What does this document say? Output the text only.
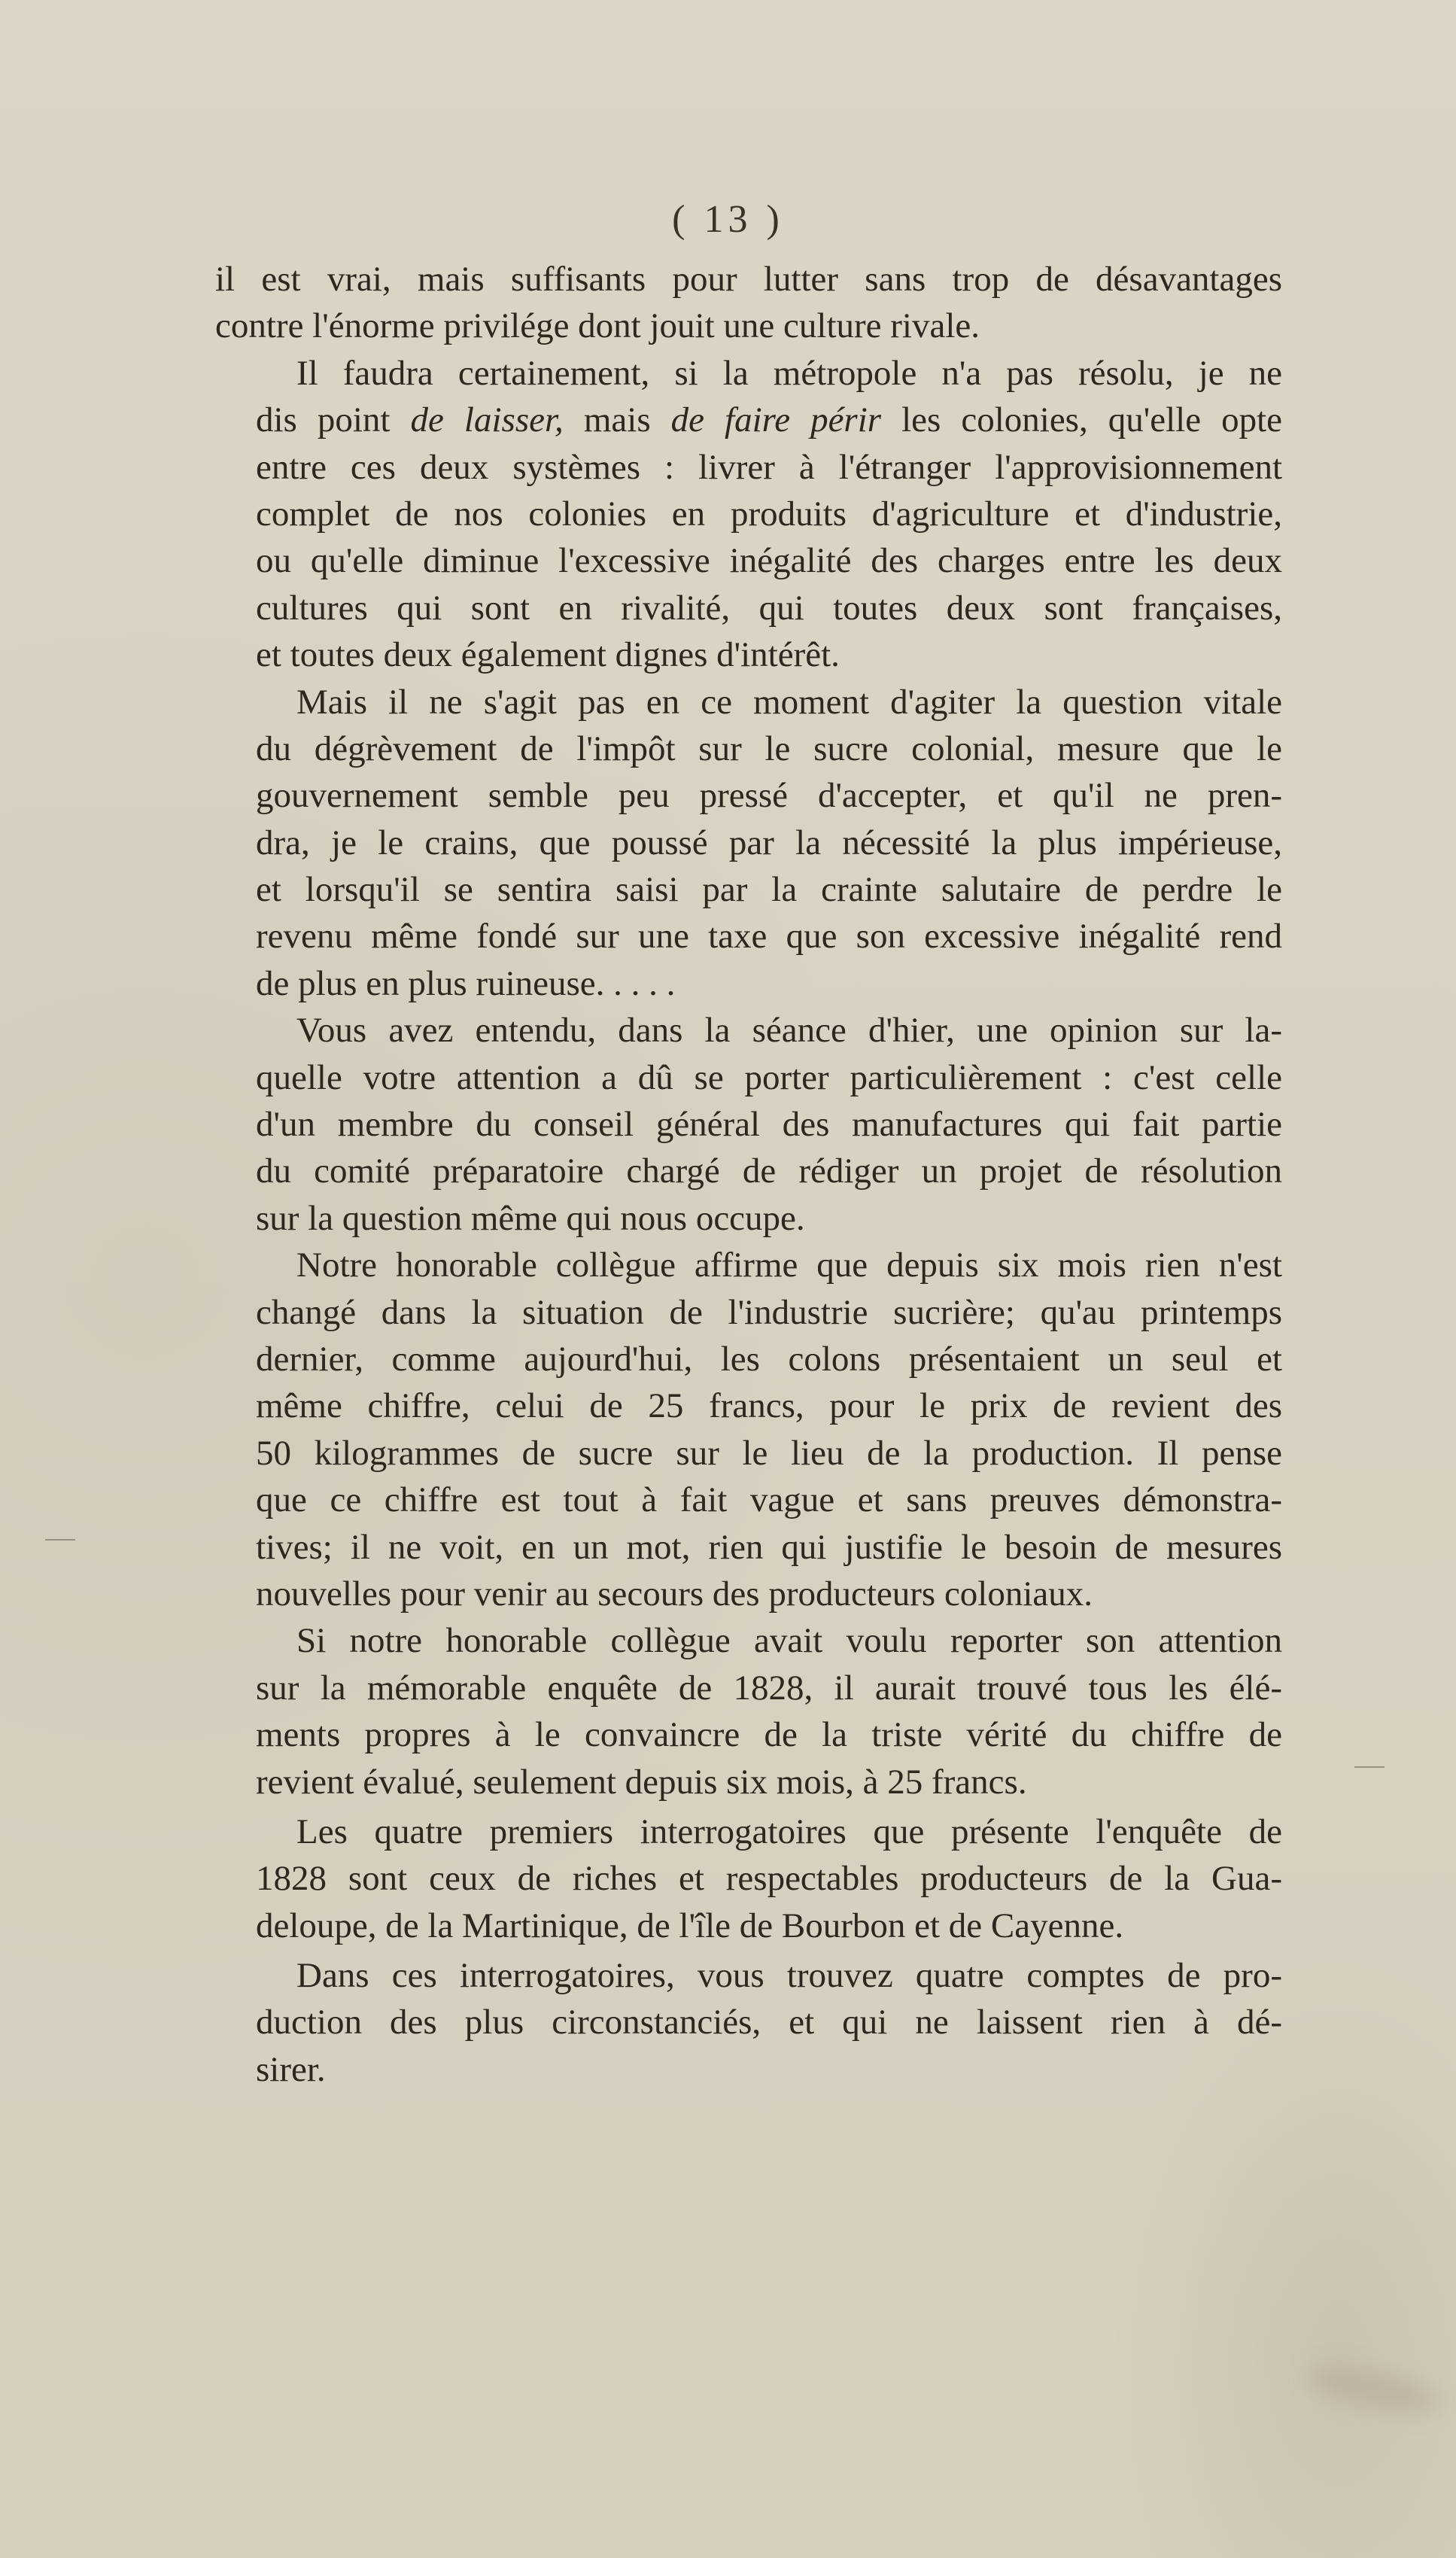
( 13 )
il est vrai, mais suffisants pour lutter sans trop de désavantages
contre l'énorme privilége dont jouit une culture rivale.
Il faudra certainement, si la métropole n'a pas résolu, je ne
dis point de laisser, mais de faire périr les colonies, qu'elle opte
entre ces deux systèmes : livrer à l'étranger l'approvisionnement
complet de nos colonies en produits d'agriculture et d'industrie,
ou qu'elle diminue l'excessive inégalité des charges entre les deux
cultures qui sont en rivalité, qui toutes deux sont françaises,
et toutes deux également dignes d'intérêt.
Mais il ne s'agit pas en ce moment d'agiter la question vitale
du dégrèvement de l'impôt sur le sucre colonial, mesure que le
gouvernement semble peu pressé d'accepter, et qu'il ne pren-
dra, je le crains, que poussé par la nécessité la plus impérieuse,
et lorsqu'il se sentira saisi par la crainte salutaire de perdre le
revenu même fondé sur une taxe que son excessive inégalité rend
de plus en plus ruineuse. . . . .
Vous avez entendu, dans la séance d'hier, une opinion sur la-
quelle votre attention a dû se porter particulièrement : c'est celle
d'un membre du conseil général des manufactures qui fait partie
du comité préparatoire chargé de rédiger un projet de résolution
sur la question même qui nous occupe.
Notre honorable collègue affirme que depuis six mois rien n'est
changé dans la situation de l'industrie sucrière; qu'au printemps
dernier, comme aujourd'hui, les colons présentaient un seul et
même chiffre, celui de 25 francs, pour le prix de revient des
50 kilogrammes de sucre sur le lieu de la production. Il pense
que ce chiffre est tout à fait vague et sans preuves démonstra-
tives; il ne voit, en un mot, rien qui justifie le besoin de mesures
nouvelles pour venir au secours des producteurs coloniaux.
Si notre honorable collègue avait voulu reporter son attention
sur la mémorable enquête de 1828, il aurait trouvé tous les élé-
ments propres à le convaincre de la triste vérité du chiffre de
revient évalué, seulement depuis six mois, à 25 francs.
Les quatre premiers interrogatoires que présente l'enquête de
1828 sont ceux de riches et respectables producteurs de la Gua-
deloupe, de la Martinique, de l'île de Bourbon et de Cayenne.
Dans ces interrogatoires, vous trouvez quatre comptes de pro-
duction des plus circonstanciés, et qui ne laissent rien à dé-
sirer.
